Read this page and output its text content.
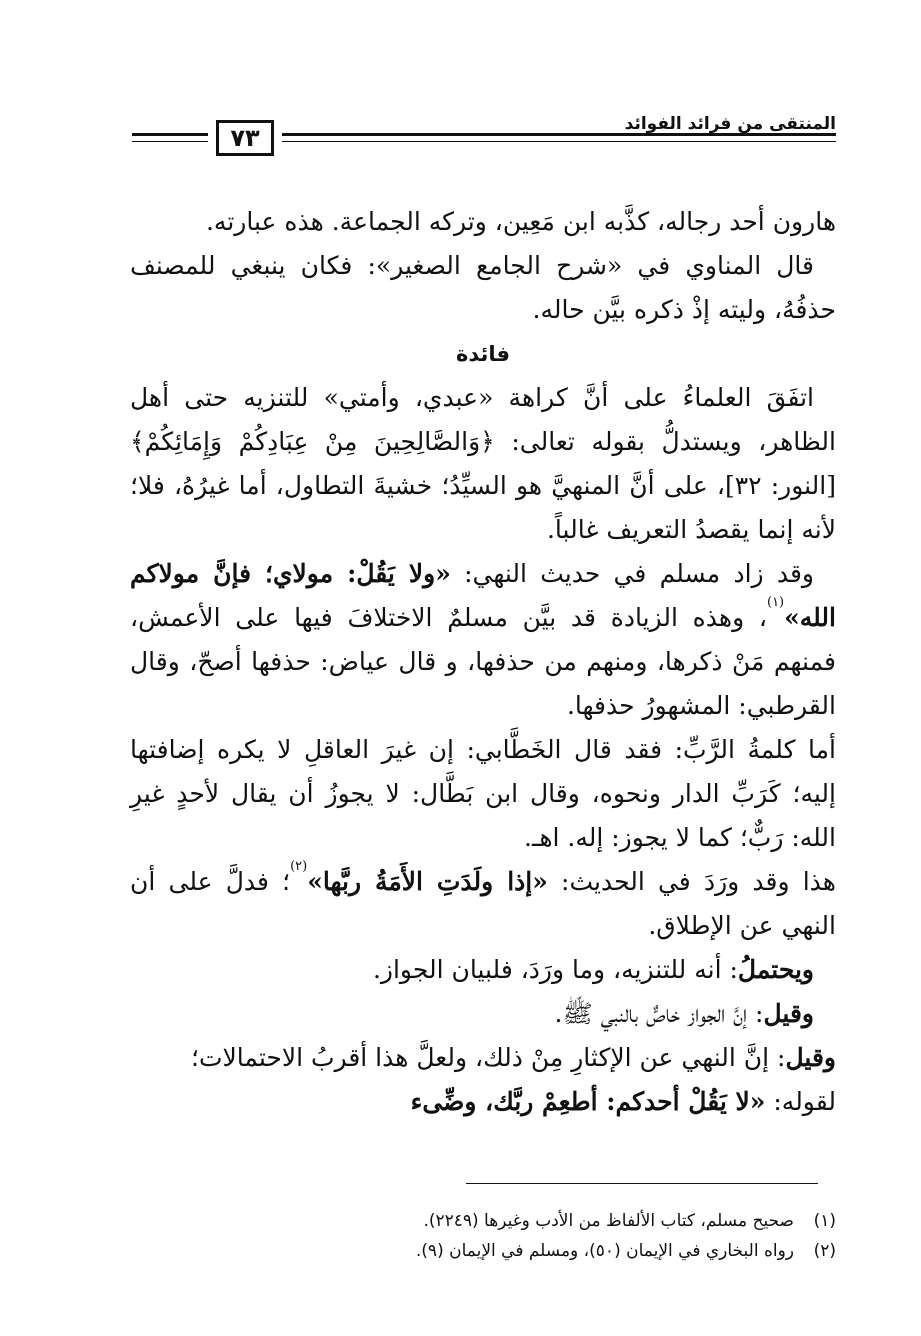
المنتقى من فرائد الفوائد
٧٣

هارون أحد رجاله، كذَّبه ابن مَعِين، وتركه الجماعة. هذه عبارته.

قال المناوي في «شرح الجامع الصغير»: فكان ينبغي للمصنف حذفُهُ، وليته إذْ ذكره بيَّن حاله.

فائدة

اتفَقَ العلماءُ على أنَّ كراهة «عبدي، وأمتي» للتنزيه حتى أهل الظاهر، ويستدلُّ بقوله تعالى: ﴿وَالصَّالِحِينَ مِنْ عِبَادِكُمْ وَإِمَائِكُمْ﴾ [النور: ٣٢]، على أنَّ المنهيَّ هو السيِّدُ؛ خشيةَ التطاول، أما غيرُهُ، فلا؛ لأنه إنما يقصدُ التعريف غالباً.

وقد زاد مسلم في حديث النهي: «ولا يَقُلْ: مولاي؛ فإنَّ مولاكم الله»$^{(١)}$، وهذه الزيادة قد بيَّن مسلمٌ الاختلافَ فيها على الأعمش، فمنهم مَنْ ذكرها، ومنهم من حذفها، و قال عياض: حذفها أصحّ، وقال القرطبي: المشهورُ حذفها.

أما كلمةُ الرَّبِّ: فقد قال الخَطَّابي: إن غيرَ العاقلِ لا يكره إضافتها إليه؛ كَرَبِّ الدار ونحوه، وقال ابن بَطَّال: لا يجوزُ أن يقال لأحدٍ غيرِ الله: رَبٌّ؛ كما لا يجوز: إله. اهـ.

هذا وقد ورَدَ في الحديث: «إذا ولَدَتِ الأَمَةُ ربَّها»$^{(٢)}$؛ فدلَّ على أن النهي عن الإطلاق.

ويحتملُ: أنه للتنزيه، وما ورَدَ، فلبيان الجواز.

وقيل: إنَّ الجواز خاصٌّ بالنبي ﷺ.

وقيل: إنَّ النهي عن الإكثارِ مِنْ ذلك، ولعلَّ هذا أقربُ الاحتمالات؛

لقوله: «لا يَقُلْ أحدكم: أطعِمْ ربَّك، وضِّىء

(١)صحيح مسلم، كتاب الألفاظ من الأدب وغيرها (٢٢٤٩).

(٢)رواه البخاري في الإيمان (٥٠)، ومسلم في الإيمان (٩).
